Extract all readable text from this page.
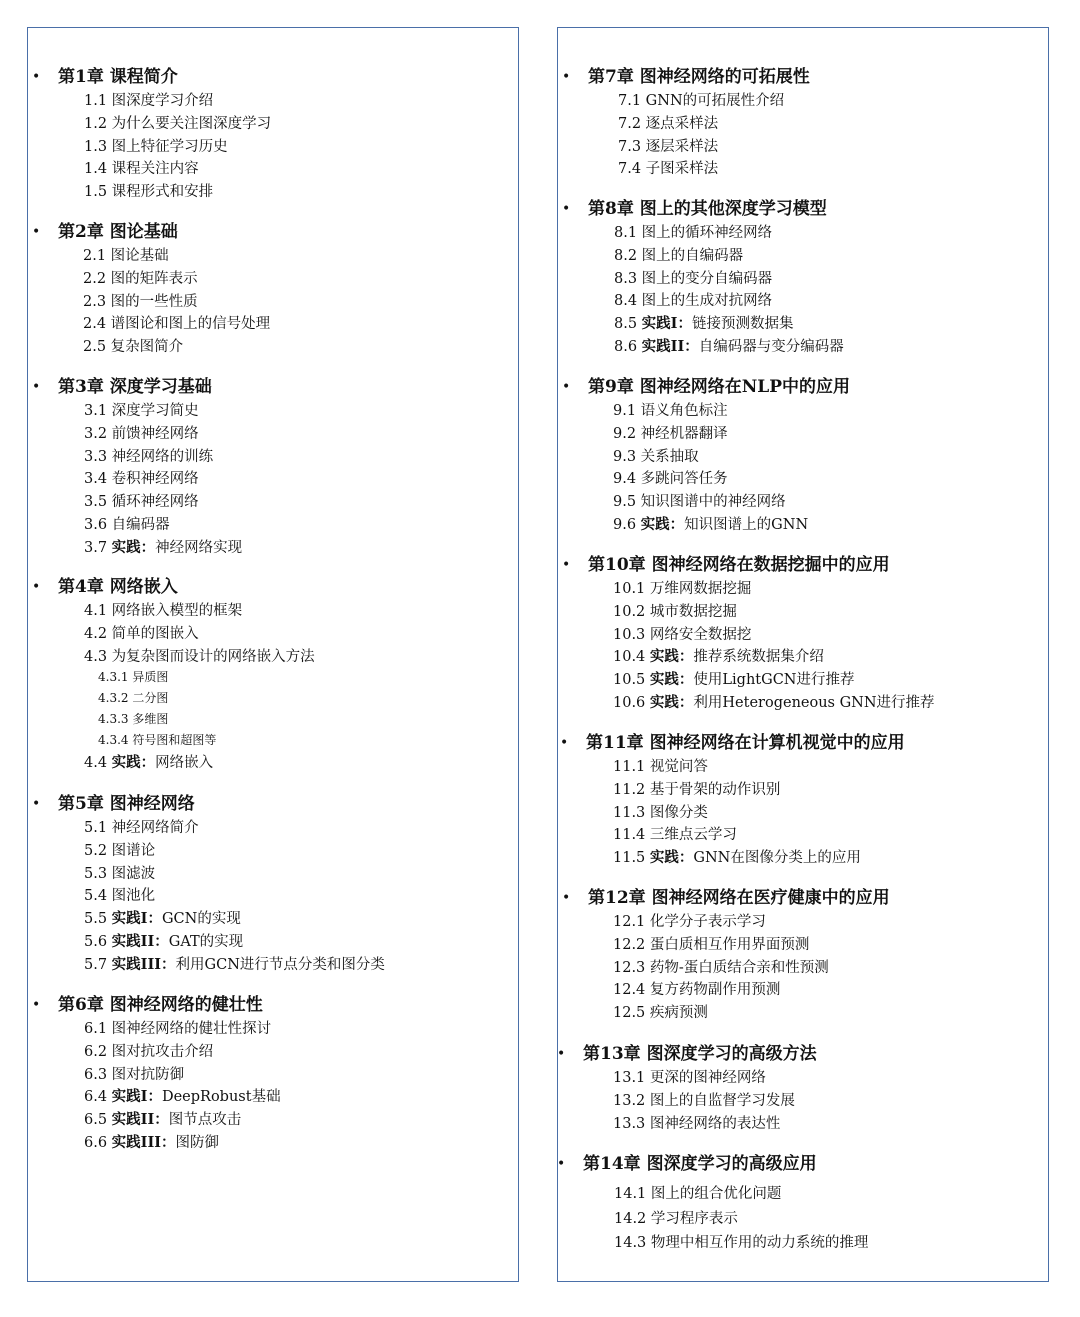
• 第1章 课程简介
1.1 图深度学习介绍
1.2 为什么要关注图深度学习
1.3 图上特征学习历史
1.4 课程关注内容
1.5 课程形式和安排
• 第2章 图论基础
2.1 图论基础
2.2 图的矩阵表示
2.3 图的一些性质
2.4 谱图论和图上的信号处理
2.5 复杂图简介
• 第3章 深度学习基础
3.1 深度学习简史
3.2 前馈神经网络
3.3 神经网络的训练
3.4 卷积神经网络
3.5 循环神经网络
3.6 自编码器
3.7 实践：神经网络实现
• 第4章 网络嵌入
4.1 网络嵌入模型的框架
4.2 简单的图嵌入
4.3 为复杂图而设计的网络嵌入方法
4.3.1 异质图
4.3.2 二分图
4.3.3 多维图
4.3.4 符号图和超图等
4.4 实践：网络嵌入
• 第5章 图神经网络
5.1 神经网络简介
5.2 图谱论
5.3 图滤波
5.4 图池化
5.5 实践I：GCN的实现
5.6 实践II：GAT的实现
5.7 实践III：利用GCN进行节点分类和图分类
• 第6章 图神经网络的健壮性
6.1 图神经网络的健壮性探讨
6.2 图对抗攻击介绍
6.3 图对抗防御
6.4 实践I：DeepRobust基础
6.5 实践II：图节点攻击
6.6 实践III：图防御
• 第7章 图神经网络的可拓展性
7.1 GNN的可拓展性介绍
7.2 逐点采样法
7.3 逐层采样法
7.4 子图采样法
• 第8章 图上的其他深度学习模型
8.1 图上的循环神经网络
8.2 图上的自编码器
8.3 图上的变分自编码器
8.4 图上的生成对抗网络
8.5 实践I：链接预测数据集
8.6 实践II：自编码器与变分编码器
• 第9章 图神经网络在NLP中的应用
9.1 语义角色标注
9.2 神经机器翻译
9.3 关系抽取
9.4 多跳问答任务
9.5 知识图谱中的神经网络
9.6 实践：知识图谱上的GNN
• 第10章 图神经网络在数据挖掘中的应用
10.1 万维网数据挖掘
10.2 城市数据挖掘
10.3 网络安全数据挖
10.4 实践：推荐系统数据集介绍
10.5 实践：使用LightGCN进行推荐
10.6 实践：利用Heterogeneous GNN进行推荐
• 第11章 图神经网络在计算机视觉中的应用
11.1 视觉问答
11.2 基于骨架的动作识别
11.3 图像分类
11.4 三维点云学习
11.5 实践：GNN在图像分类上的应用
• 第12章 图神经网络在医疗健康中的应用
12.1 化学分子表示学习
12.2 蛋白质相互作用界面预测
12.3 药物-蛋白质结合亲和性预测
12.4 复方药物副作用预测
12.5 疾病预测
• 第13章 图深度学习的高级方法
13.1 更深的图神经网络
13.2 图上的自监督学习发展
13.3 图神经网络的表达性
• 第14章 图深度学习的高级应用
14.1 图上的组合优化问题
14.2 学习程序表示
14.3 物理中相互作用的动力系统的推理
